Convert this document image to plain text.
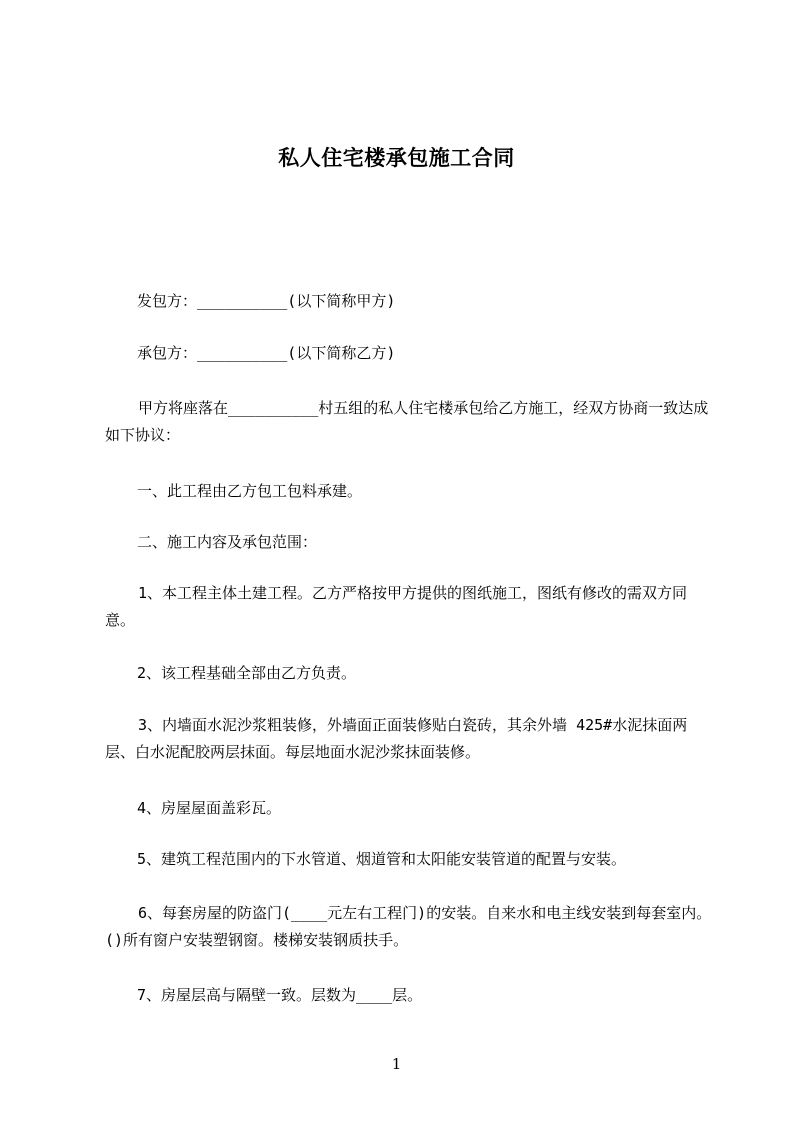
私人住宅楼承包施工合同
发包方：__________(以下简称甲方)
承包方：__________(以下简称乙方)
甲方将座落在__________村五组的私人住宅楼承包给乙方施工，经双方协商一致达成如下协议：
一、此工程由乙方包工包料承建。
二、施工内容及承包范围：
1、本工程主体土建工程。乙方严格按甲方提供的图纸施工，图纸有修改的需双方同意。
2、该工程基础全部由乙方负责。
3、内墙面水泥沙浆粗装修，外墙面正面装修贴白瓷砖，其余外墙 425#水泥抹面两层、白水泥配胶两层抹面。每层地面水泥沙浆抹面装修。
4、房屋屋面盖彩瓦。
5、建筑工程范围内的下水管道、烟道管和太阳能安装管道的配置与安装。
6、每套房屋的防盗门(____元左右工程门)的安装。自来水和电主线安装到每套室内。()所有窗户安装塑钢窗。楼梯安装钢质扶手。
7、房屋层高与隔壁一致。层数为____层。
1
